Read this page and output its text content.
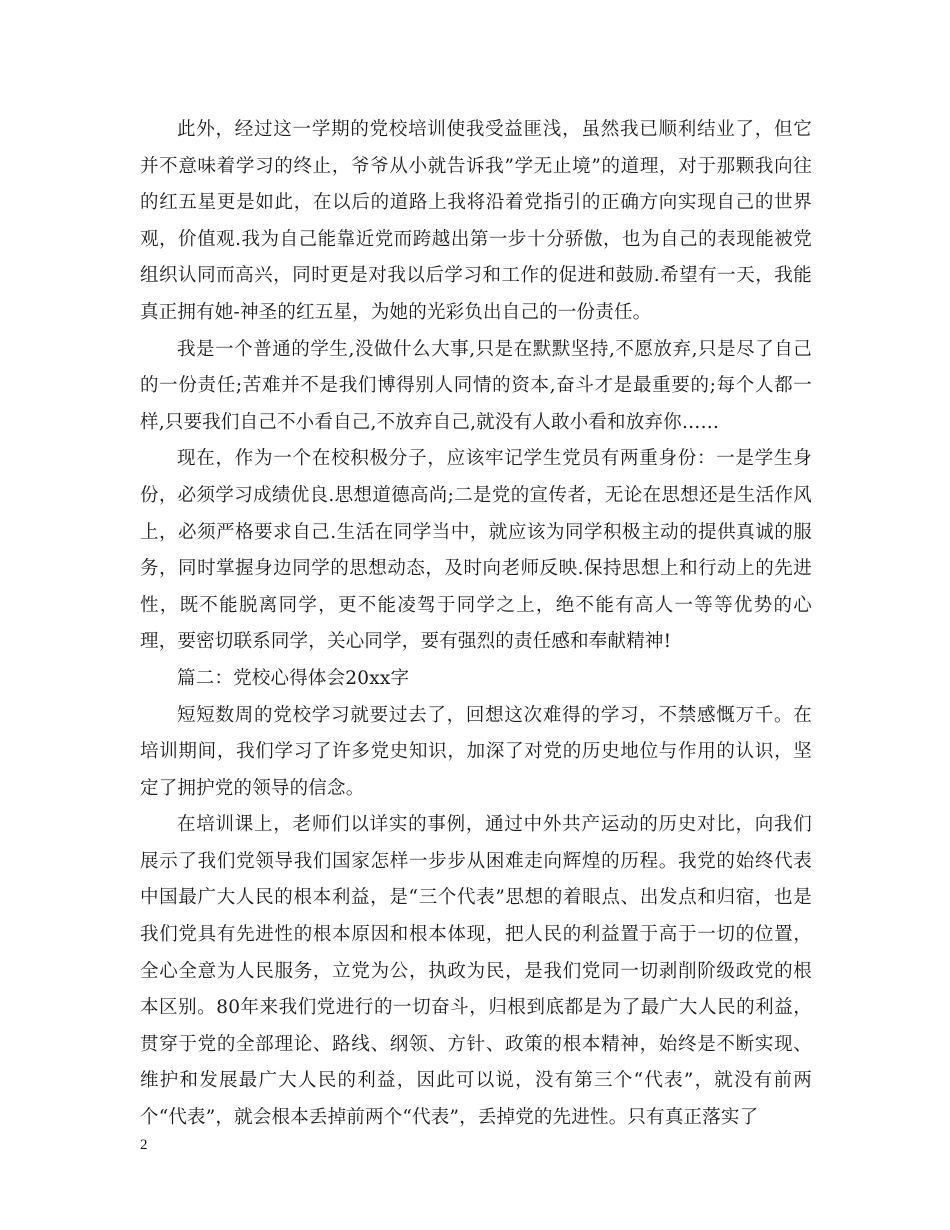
此外，经过这一学期的党校培训使我受益匪浅，虽然我已顺利结业了，但它并不意味着学习的终止，爷爷从小就告诉我”学无止境”的道理，对于那颗我向往的红五星更是如此，在以后的道路上我将沿着党指引的正确方向实现自己的世界观，价值观.我为自己能靠近党而跨越出第一步十分骄傲，也为自己的表现能被党组织认同而高兴，同时更是对我以后学习和工作的促进和鼓励.希望有一天，我能真正拥有她-神圣的红五星，为她的光彩负出自己的一份责任。

我是一个普通的学生,没做什么大事,只是在默默坚持,不愿放弃,只是尽了自己的一份责任;苦难并不是我们博得别人同情的资本,奋斗才是最重要的;每个人都一样,只要我们自己不小看自己,不放弃自己,就没有人敢小看和放弃你……

现在，作为一个在校积极分子，应该牢记学生党员有两重身份：一是学生身份，必须学习成绩优良.思想道德高尚;二是党的宣传者，无论在思想还是生活作风上，必须严格要求自己.生活在同学当中，就应该为同学积极主动的提供真诚的服务，同时掌握身边同学的思想动态，及时向老师反映.保持思想上和行动上的先进性，既不能脱离同学，更不能凌驾于同学之上，绝不能有高人一等等优势的心理，要密切联系同学，关心同学，要有强烈的责任感和奉献精神!

篇二：党校心得体会20xx字

短短数周的党校学习就要过去了，回想这次难得的学习，不禁感慨万千。在培训期间，我们学习了许多党史知识，加深了对党的历史地位与作用的认识，坚定了拥护党的领导的信念。

在培训课上，老师们以详实的事例，通过中外共产运动的历史对比，向我们展示了我们党领导我们国家怎样一步步从困难走向辉煌的历程。我党的始终代表中国最广大人民的根本利益，是“三个代表”思想的着眼点、出发点和归宿，也是我们党具有先进性的根本原因和根本体现，把人民的利益置于高于一切的位置，全心全意为人民服务，立党为公，执政为民，是我们党同一切剥削阶级政党的根本区别。80年来我们党进行的一切奋斗，归根到底都是为了最广大人民的利益，贯穿于党的全部理论、路线、纲领、方针、政策的根本精神，始终是不断实现、维护和发展最广大人民的利益，因此可以说，没有第三个“代表”，就没有前两个“代表”，就会根本丢掉前两个“代表”，丢掉党的先进性。只有真正落实了

2
